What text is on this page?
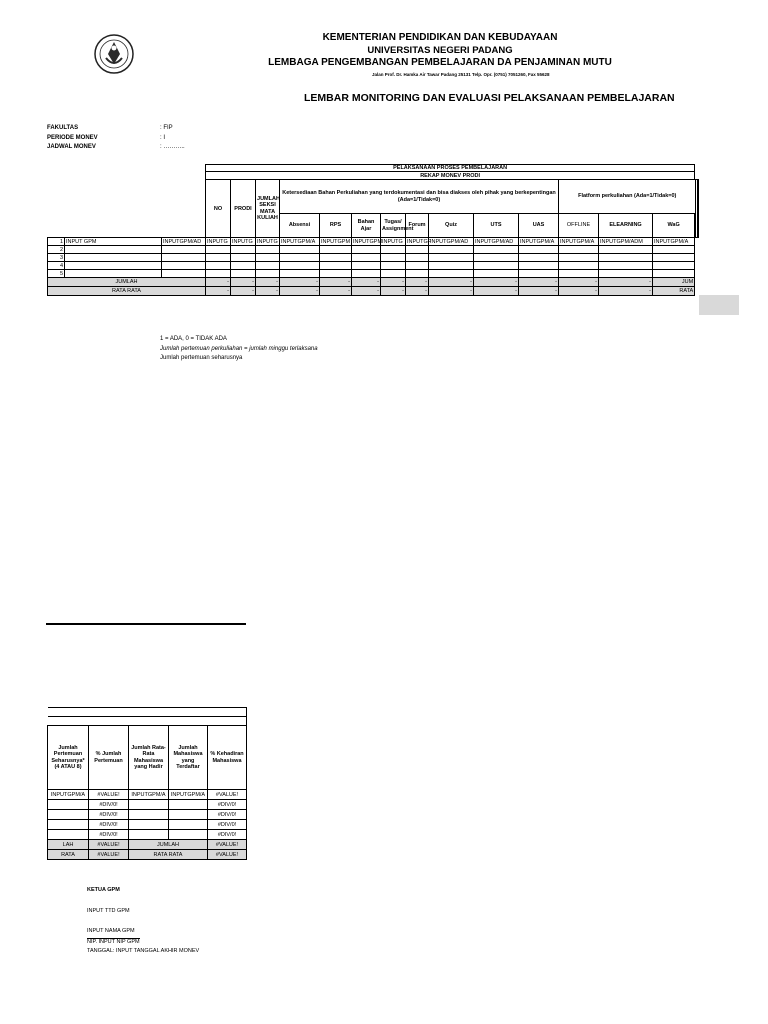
KEMENTERIAN PENDIDIKAN DAN KEBUDAYAAN
UNIVERSITAS NEGERI PADANG
LEMBAGA PENGEMBANGAN PEMBELAJARAN DA PENJAMINAN MUTU
Jalan Prof. Dr. Hamka Air Tawar Padang 25131 Telp. Opr. (0751) 7051260, Fax 55628
LEMBAR MONITORING DAN EVALUASI PELAKSANAAN PEMBELAJARAN
FAKULTAS	: FIP
PERIODE MONEV	: I
JADWAL MONEV	: ………..
			PELAKSANAAN PROSES PEMBELAJARAN															
			REKAP MONEV PRODI															
			NO	PRODI	JUMLAH SEKSI MATA KULIAH	Ketersediaan Bahan Perkuliahan yang terdokumentasi dan bisa diakses oleh pihak yang berkepentingan (Ada=1/Tidak=0)								Flatform perkuliahan (Ada=1/Tidak=0)		
						Absensi	RPS	Bahan Ajar	Tugas/ Assignment	Forum	Quiz	UTS	UAS	OFFLINE	ELEARNING	WaG	
1	INPUT GPM	INPUTGPM/AD	INPUTG	INPUTG	INPUTG	INPUTGPM/A	INPUTGPM	INPUTGPM	INPUTG	INPUTGP	INPUTGPM/AD	INPUTGPM/AD	INPUTGPM/A	INPUTGPM/A	INPUTGPM/ADM	INPUTGPM/A		
2																		
3																		
4																		
5																		
JUMLAH			-	-	-	-	-	-	-	-	-	-	-	-	-	JUM		
RATA RATA			-	-	-	-	-	-	-	-	-	-	-	-	-	RATA		
1 = ADA, 0 = TIDAK ADA
Jumlah pertemuan perkuliahan = jumlah minggu terlaksana
Jumlah pertemuan seharusnya

Jumlah Pertemuan Seharusnya* (4 ATAU 8)	% Jumlah Pertemuan	Jumlah Rata-Rata Mahasiswa yang Hadir	Jumlah Mahasiswa yang Terdaftar	% Kehadiran Mahasiswa
INPUTGPM/A	#VALUE!	INPUTGPM/A	INPUTGPM/A	#VALUE!
	#DIV/0!			#DIV/0!
	#DIV/0!			#DIV/0!
	#DIV/0!			#DIV/0!
	#DIV/0!			#DIV/0!
LAH	#VALUE!	JUMLAH		#VALUE!
RATA	#VALUE!	RATA RATA		#VALUE!
KETUA GPM
INPUT TTD GPM
INPUT NAMA GPM
NIP. INPUT NIP GPM
TANGGAL: INPUT TANGGAL AKHIR MONEV
